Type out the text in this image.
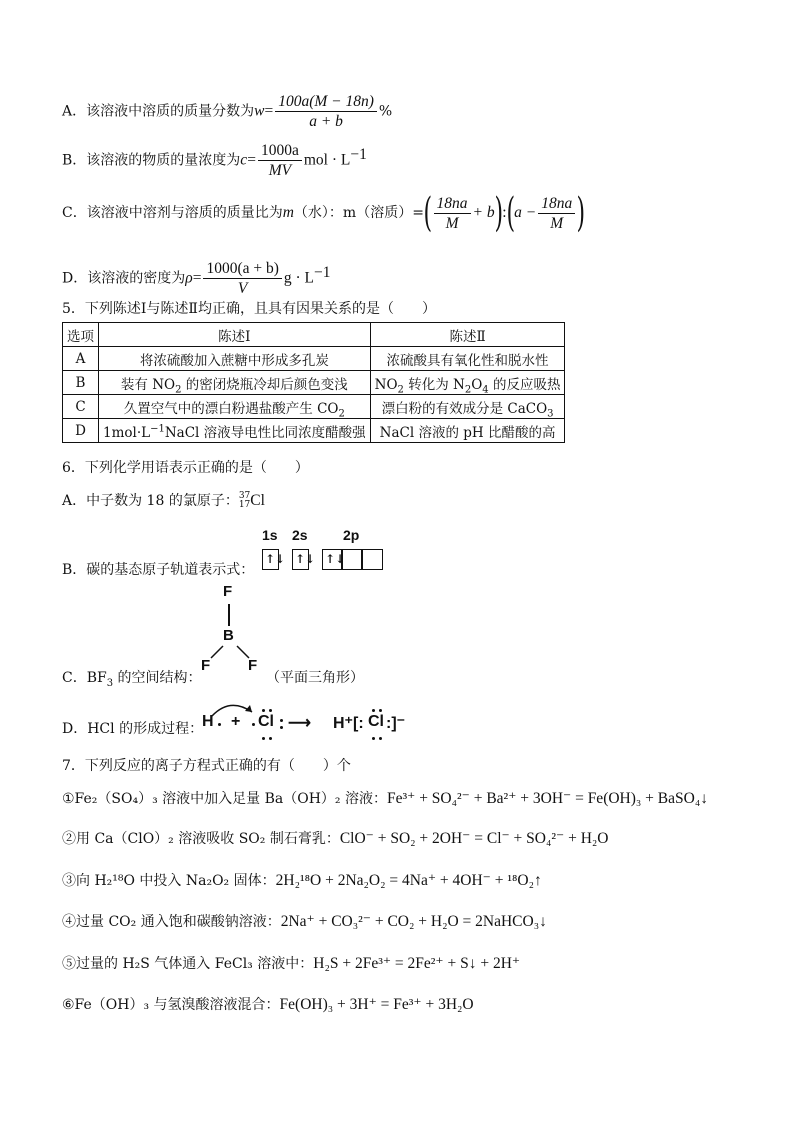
A．该溶液中溶质的质量分数为$w= \frac{100a(M - 18n)}{a + b}$ %
B．该溶液的物质的量浓度为$c= \frac{1000a}{MV}$ mol · $L^{-1}$
C．该溶液中溶剂与溶质的质量比为m（水）：m（溶质）=( $\frac{18na}{M}$ + b):(a − $\frac{18na}{M}$ )
D．该溶液的密度为$\rho= \frac{1000(a + b)}{V}$ $g \cdot L^{-1}$
5．下列陈述Ⅰ与陈述Ⅱ均正确，且具有因果关系的是（　　）
选项	陈述Ⅰ	陈述Ⅱ
A	将浓硫酸加入蔗糖中形成多孔炭	浓硫酸具有氧化性和脱水性
B	装有 $NO_2$ 的密闭烧瓶冷却后颜色变浅	$NO_2$ 转化为 $N_2O_4$ 的反应吸热
C	久置空气中的漂白粉遇盐酸产生 $CO_2$	漂白粉的有效成分是 CaCO$_3$
D	$1mol\cdot L^{-1}NaCl$ 溶液导电性比同浓度醋酸强	NaCl 溶液的 pH 比醋酸的高
6．下列化学用语表示正确的是（　　）
A．中子数为 18 的氯原子： 37
17 Cl
B．碳的基态原子轨道表示式：
1s 2s	2p
↑↓ ↑↓ ↑↓
C．$BF_3$ 的空间结构：
F
B
F	F
（平面三角形）
D．HCl 的形成过程：
H + Cl ⟶ H⁺[: Cl :]⁻
7．下列反应的离子方程式正确的有（　　）个
①Fe₂（SO₄）₃ 溶液中加入足量 Ba（OH）₂ 溶液：Fe³⁺ + SO₄²⁻ + Ba²⁺ + 3OH⁻ = Fe(OH)₃ + BaSO₄↓
②用 Ca（ClO）₂ 溶液吸收 SO₂ 制石膏乳：ClO⁻ + SO₂ + 2OH⁻ = Cl⁻ + SO₄²⁻ + H₂O
③向 H₂¹⁸O 中投入 Na₂O₂ 固体：2H₂¹⁸O + 2Na₂O₂ = 4Na⁺ + 4OH⁻ + ¹⁸O₂↑
④过量 CO₂ 通入饱和碳酸钠溶液：2Na⁺ + CO₃²⁻ + CO₂ + H₂O = 2NaHCO₃↓
⑤过量的 H₂S 气体通入 FeCl₃ 溶液中：H₂S + 2Fe³⁺ = 2Fe²⁺ + S↓ + 2H⁺
⑥Fe（OH）₃ 与氢溴酸溶液混合：Fe(OH)₃ + 3H⁺ = Fe³⁺ + 3H₂O
